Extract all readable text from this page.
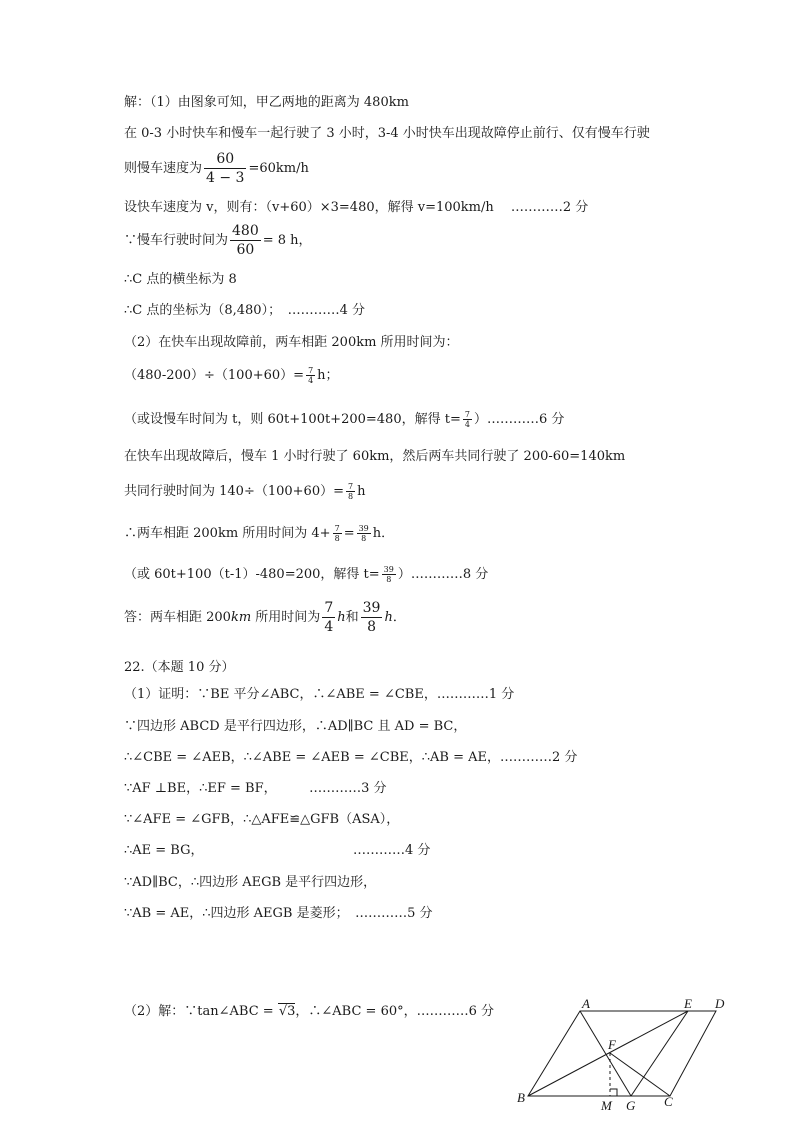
解：（1）由图象可知，甲乙两地的距离为 480km
在 0-3 小时快车和慢车一起行驶了 3 小时，3-4 小时快车出现故障停止前行、仅有慢车行驶
则慢车速度为 $\frac{60}{4 - 3} =60km/h$
设快车速度为 v，则有：（v+60）×3=480，解得 v=100km/h　 …………2 分
∵慢车行驶时间为 $\frac{480}{60} = 8$ h，
∴C 点的横坐标为 8
∴C 点的坐标为（8,480）；　…………4 分
（2）在快车出现故障前，两车相距 200km 所用时间为：
$(480-200)\div(100+60)= \frac{7}{4}$ h；
（或设慢车时间为 t，则 60t+100t+200=480，解得 $t= \frac{7}{4}$ ）…………6 分
在快车出现故障后，慢车 1 小时行驶了 60km，然后两车共同行驶了 200-60=140km
共同行驶时间为 $140\div(100+60)= \frac{7}{8}$ h
∴两车相距 200km 所用时间为 $4+ \frac{7}{8} = \frac{39}{8}$ h．
（或 60t+100（t-1）-480=200，解得 $t= \frac{39}{8}$ ）…………8 分
答：两车相距 200km 所用时间为 $\frac{7}{4}$ h和 $\frac{39}{8}$ h．
22.（本题 10 分）
（1）证明：∵BE 平分∠ABC，∴∠ABE = ∠CBE，…………1 分
∵四边形 ABCD 是平行四边形，∴AD∥BC 且 AD = BC，
∴∠CBE = ∠AEB，∴∠ABE = ∠AEB = ∠CBE，∴AB = AE，…………2 分
∵AF ⊥BE，∴EF = BF，　　　…………3 分
∵∠AFE = ∠GFB，∴△AFE≌△GFB（ASA），
∴AE = BG，　　　　　　　　　　　　…………4 分
∵AD∥BC，∴四边形 AEGB 是平行四边形，
∵AB = AE，∴四边形 AEGB 是菱形；　…………5 分
（2）解：∵tan∠ABC = √3，∴∠ABC = 60°，…………6 分
A	E D
F
B
M G C
